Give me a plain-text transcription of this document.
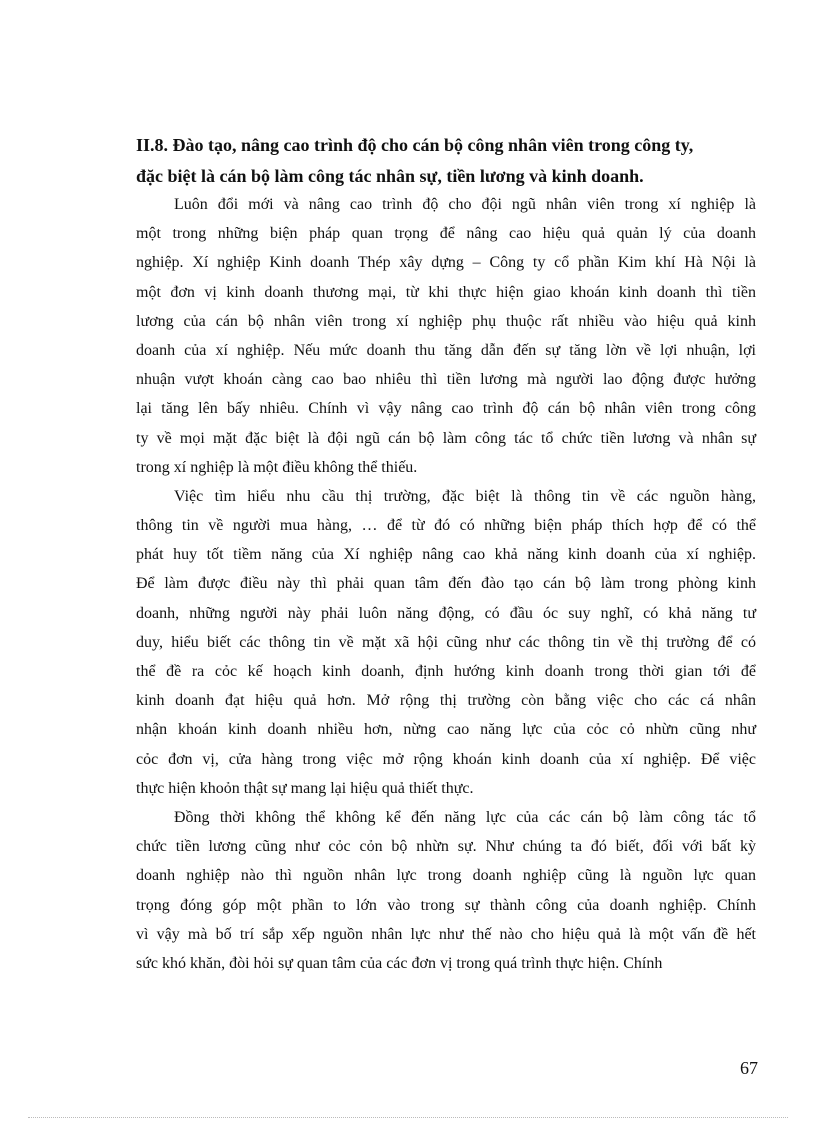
II.8. Đào tạo, nâng cao trình độ cho cán bộ công nhân viên trong công ty,
đặc biệt là cán bộ làm công tác nhân sự, tiền lương và kinh doanh.
Luôn đổi mới và nâng cao trình độ cho đội ngũ nhân viên trong xí nghiệp là
một trong những biện pháp quan trọng để nâng cao hiệu quả quản lý của doanh
nghiệp. Xí nghiệp Kinh doanh Thép xây dựng – Công ty cổ phần Kim khí Hà Nội là
một đơn vị kinh doanh thương mại, từ khi thực hiện giao khoán kinh doanh thì tiền
lương của cán bộ nhân viên trong xí nghiệp phụ thuộc rất nhiều vào hiệu quả kinh
doanh của xí nghiệp. Nếu mức doanh thu tăng dẫn đến sự tăng lờn về lợi nhuận, lợi
nhuận vượt khoán càng cao bao nhiêu thì tiền lương mà người lao động được hưởng
lại tăng lên bấy nhiêu. Chính vì vậy nâng cao trình độ cán bộ nhân viên trong công
ty về mọi mặt đặc biệt là đội ngũ cán bộ làm công tác tổ chức tiền lương và nhân sự
trong xí nghiệp là một điều không thể thiếu.
Việc tìm hiểu nhu cầu thị trường, đặc biệt là thông tin về các nguồn hàng,
thông tin về người mua hàng, … để từ đó có những biện pháp thích hợp để có thể
phát huy tốt tiềm năng của Xí nghiệp nâng cao khả năng kinh doanh của xí nghiệp.
Để làm được điều này thì phải quan tâm đến đào tạo cán bộ làm trong phòng kinh
doanh, những người này phải luôn năng động, có đầu óc suy nghĩ, có khả năng tư
duy, hiểu biết các thông tin về mặt xã hội cũng như các thông tin về thị trường để có
thể đề ra cỏc kế hoạch kinh doanh, định hướng kinh doanh trong thời gian tới để
kinh doanh đạt hiệu quả hơn. Mở rộng thị trường còn bằng việc cho các cá nhân
nhận khoán kinh doanh nhiều hơn, nừng cao năng lực của cỏc cỏ nhừn cũng như
cỏc đơn vị, cửa hàng trong việc mở rộng khoán kinh doanh của xí nghiệp. Để việc
thực hiện khoỏn thật sự mang lại hiệu quả thiết thực.
Đồng thời không thể không kể đến năng lực của các cán bộ làm công tác tổ
chức tiền lương cũng như cỏc cỏn bộ nhừn sự. Như chúng ta đó biết, đối với bất kỳ
doanh nghiệp nào thì nguồn nhân lực trong doanh nghiệp cũng là nguồn lực quan
trọng đóng góp một phần to lớn vào trong sự thành công của doanh nghiệp. Chính
vì vậy mà bố trí sắp xếp nguồn nhân lực như thế nào cho hiệu quả là một vấn đề hết
sức khó khăn, đòi hỏi sự quan tâm của các đơn vị trong quá trình thực hiện. Chính
67
